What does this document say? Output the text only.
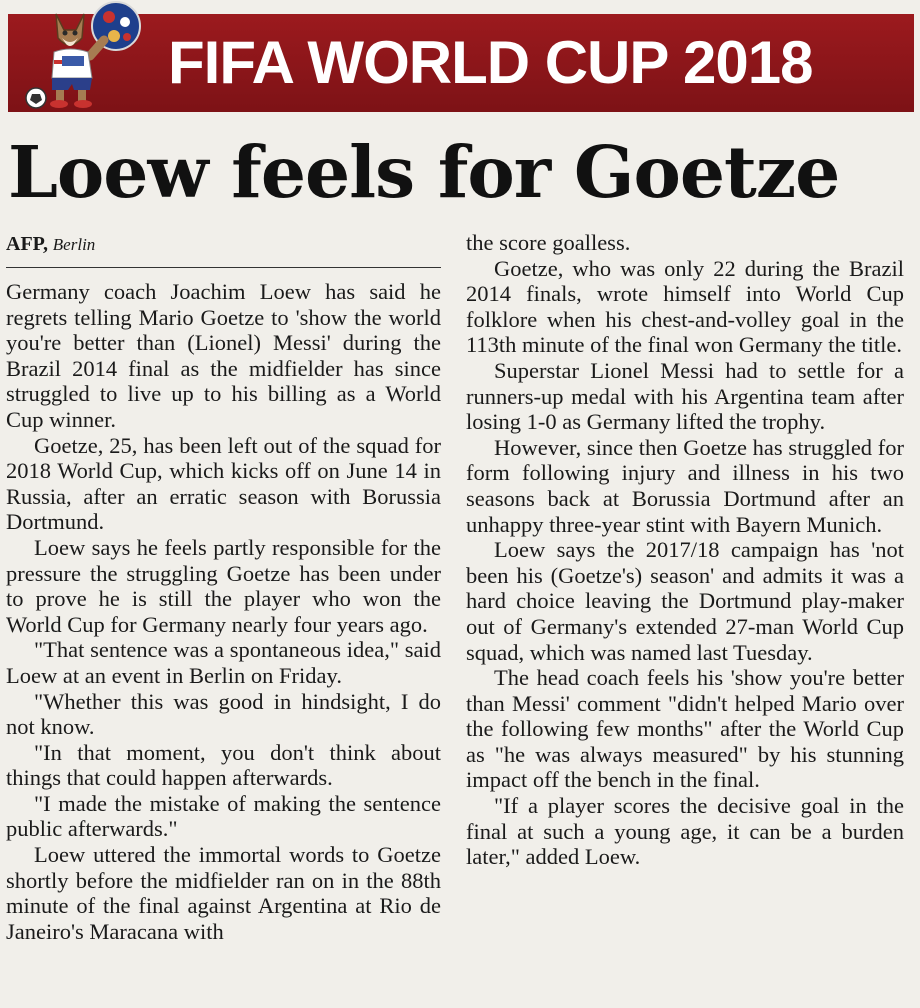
FIFA WORLD CUP 2018
Loew feels for Goetze
AFP, Berlin

Germany coach Joachim Loew has said he regrets telling Mario Goetze to 'show the world you're better than (Lionel) Messi' during the Brazil 2014 final as the midfielder has since struggled to live up to his billing as a World Cup winner.

Goetze, 25, has been left out of the squad for 2018 World Cup, which kicks off on June 14 in Russia, after an erratic season with Borussia Dortmund.

Loew says he feels partly responsible for the pressure the struggling Goetze has been under to prove he is still the player who won the World Cup for Germany nearly four years ago.

"That sentence was a spontaneous idea," said Loew at an event in Berlin on Friday.

"Whether this was good in hindsight, I do not know.

"In that moment, you don't think about things that could happen afterwards.

"I made the mistake of making the sentence public afterwards."

Loew uttered the immortal words to Goetze shortly before the midfielder ran on in the 88th minute of the final against Argentina at Rio de Janeiro's Maracana with

the score goalless.

Goetze, who was only 22 during the Brazil 2014 finals, wrote himself into World Cup folklore when his chest-and-volley goal in the 113th minute of the final won Germany the title.

Superstar Lionel Messi had to settle for a runners-up medal with his Argentina team after losing 1-0 as Germany lifted the trophy.

However, since then Goetze has struggled for form following injury and illness in his two seasons back at Borussia Dortmund after an unhappy three-year stint with Bayern Munich.

Loew says the 2017/18 campaign has 'not been his (Goetze's) season' and admits it was a hard choice leaving the Dortmund play-maker out of Germany's extended 27-man World Cup squad, which was named last Tuesday.

The head coach feels his 'show you're better than Messi' comment "didn't helped Mario over the following few months" after the World Cup as "he was always measured" by his stunning impact off the bench in the final.

"If a player scores the decisive goal in the final at such a young age, it can be a burden later," added Loew.
